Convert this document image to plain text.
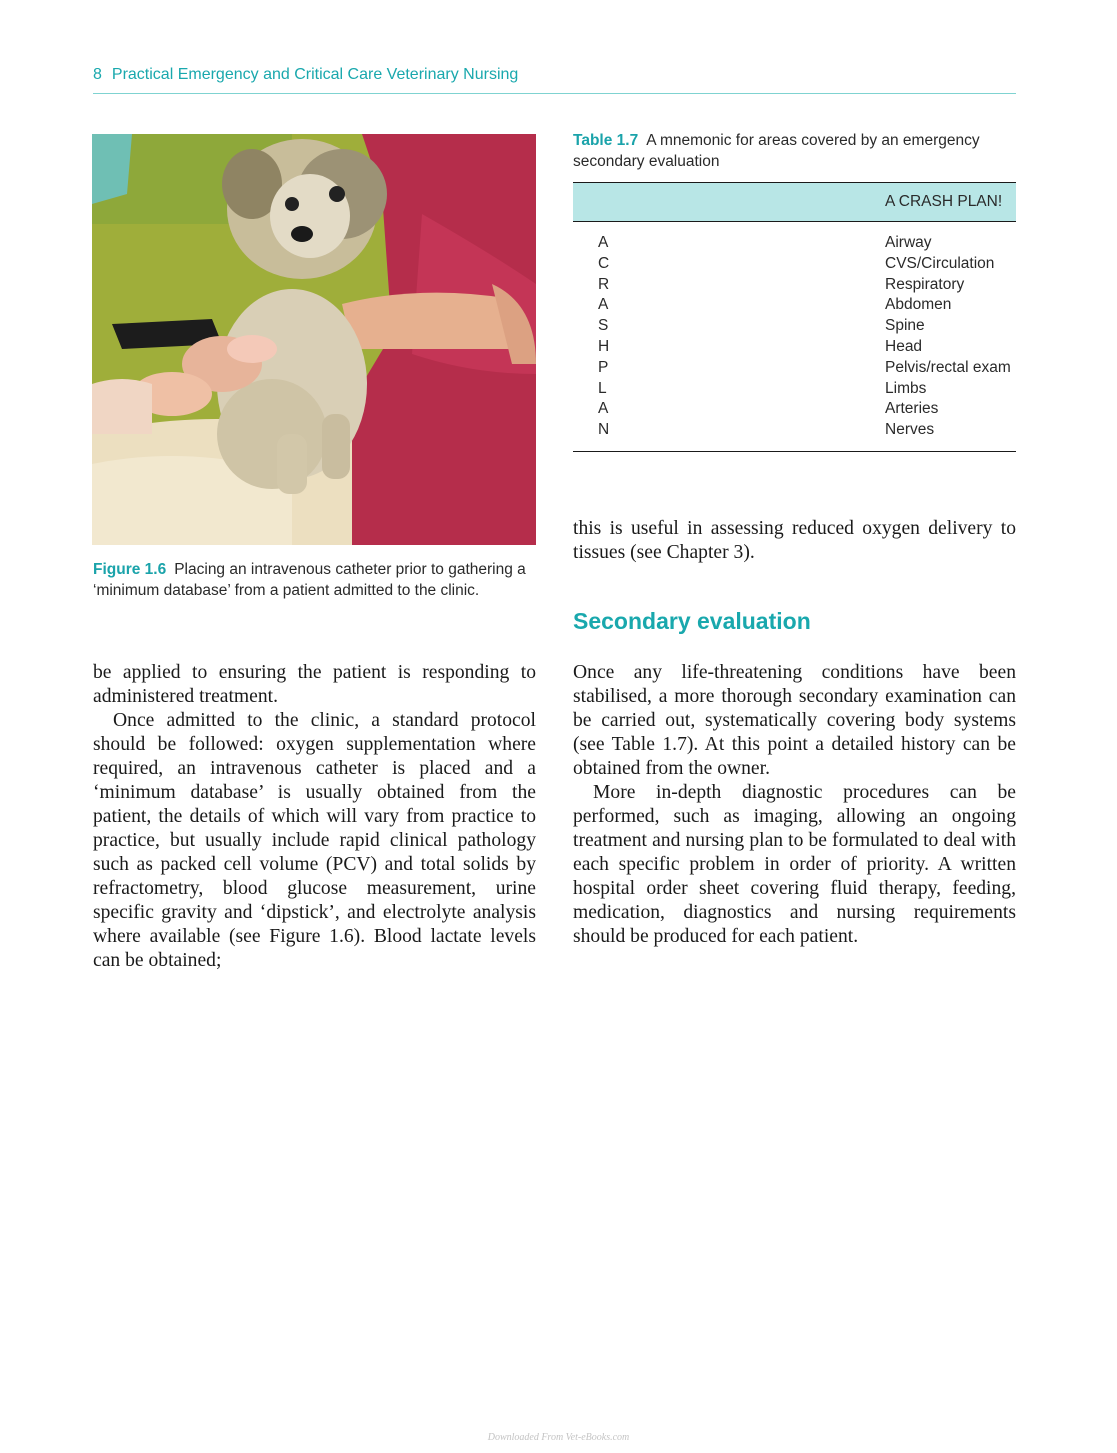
8 Practical Emergency and Critical Care Veterinary Nursing
Figure 1.6 Placing an intravenous catheter prior to gathering a ‘minimum database’ from a patient admitted to the clinic.
Table 1.7 A mnemonic for areas covered by an emergency secondary evaluation
	A CRASH PLAN!
A	Airway
C	CVS/Circulation
R	Respiratory
A	Abdomen
S	Spine
H	Head
P	Pelvis/rectal exam
L	Limbs
A	Arteries
N	Nerves

be applied to ensuring the patient is responding to administered treatment.

Once admitted to the clinic, a standard protocol should be followed: oxygen supplementation where required, an intravenous catheter is placed and a ‘minimum database’ is usually obtained from the patient, the details of which will vary from practice to practice, but usually include rapid clinical pathology such as packed cell volume (PCV) and total solids by refractometry, blood glucose measurement, urine specific gravity and ‘dipstick’, and electrolyte analysis where available (see Figure 1.6). Blood lactate levels can be obtained;

this is useful in assessing reduced oxygen delivery to tissues (see Chapter 3).

Secondary evaluation

Once any life-threatening conditions have been stabilised, a more thorough secondary examination can be carried out, systematically covering body systems (see Table 1.7). At this point a detailed history can be obtained from the owner.

More in-depth diagnostic procedures can be performed, such as imaging, allowing an ongoing treatment and nursing plan to be formulated to deal with each specific problem in order of priority. A written hospital order sheet covering fluid therapy, feeding, medication, diagnostics and nursing requirements should be produced for each patient.

Downloaded From Vet-eBooks.com
